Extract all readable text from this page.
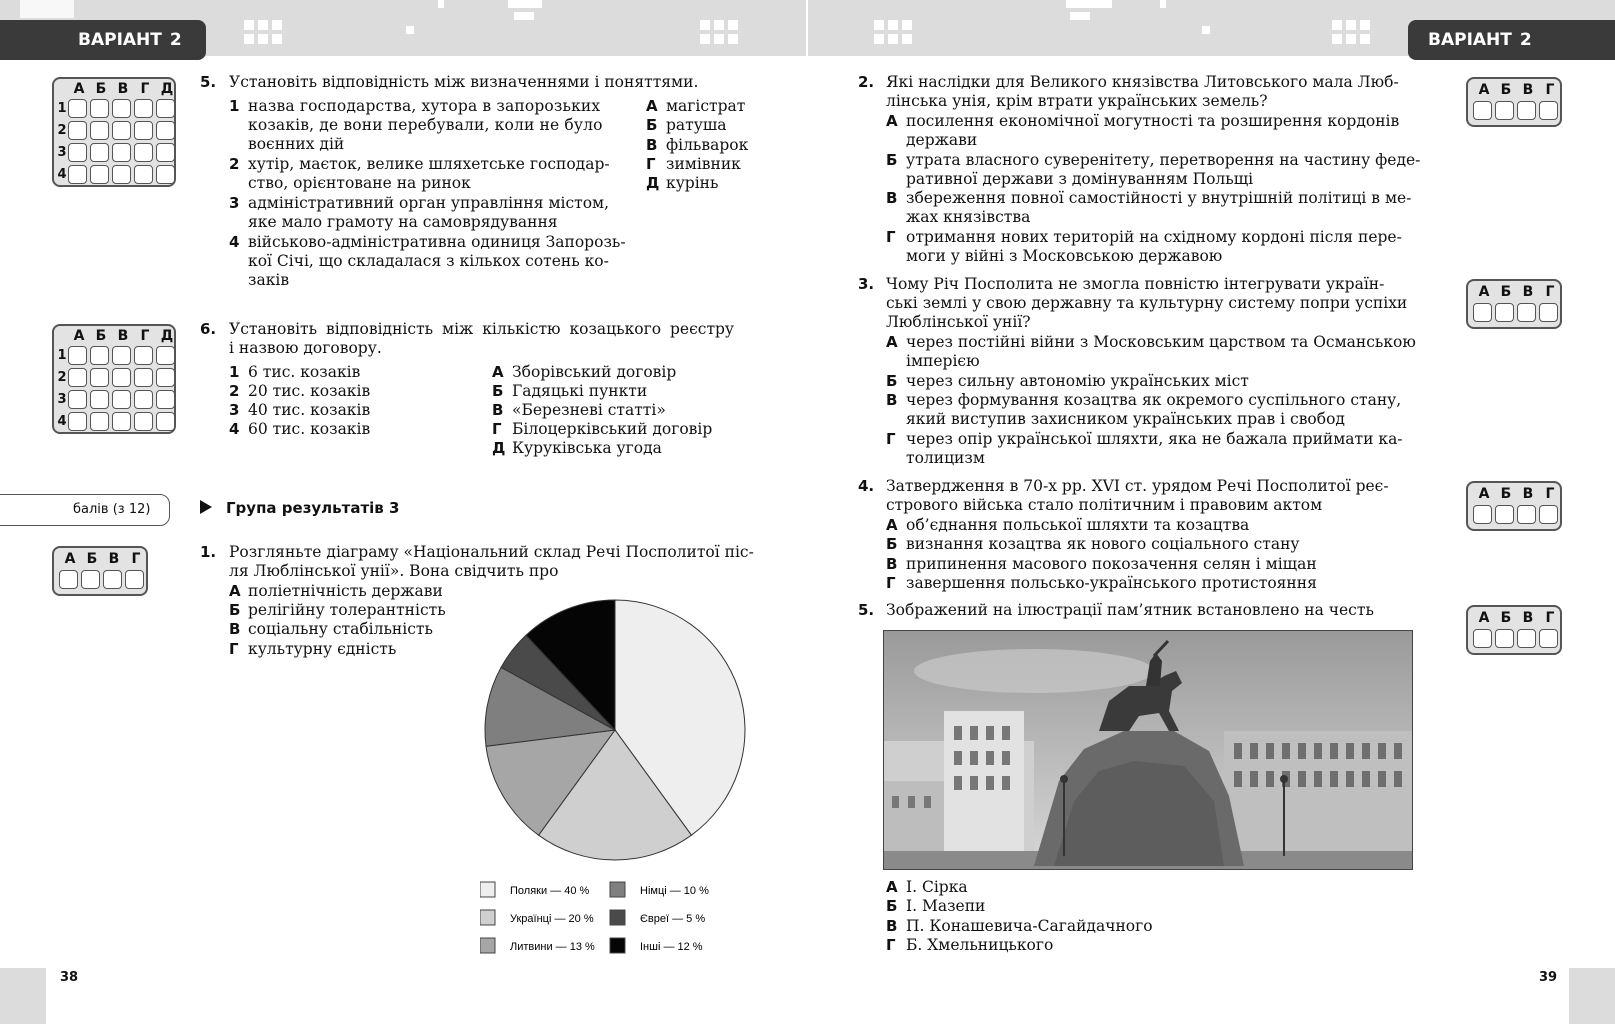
ВАРІАНТ 2	ВАРІАНТ 2
А Б В Г Д
1
2
3
4
5. Установіть відповідність між визначеннями і поняттями.
1 назва господарства, хутора в запорозьких
козаків, де вони перебували, коли не було
воєнних дій
2 хутір, маєток, велике шляхетське господар-
ство, орієнтоване на ринок
3 адміністративний орган управління містом,
яке мало грамоту на самоврядування
4 військово-адміністративна одиниця Запорозь-
кої Січі, що складалася з кількох сотень ко-
заків
А магістрат
Б ратуша
В фільварок
Г зимівник
Д курінь
А Б В Г Д
1
2
3
4
6. Установіть відповідність між кількістю козацького реєстру
і назвою договору.
1 6 тис. козаків
2 20 тис. козаків
3 40 тис. козаків
4 60 тис. козаків
А Зборівський договір
Б Гадяцькі пункти
В «Березневі статті»
Г Білоцерківський договір
Д Куруківська угода
балів (з 12)	Група результатів 3
А Б В Г	1. Розгляньте діаграму «Національний склад Речі Посполитої піс-
ля Люблінської унії». Вона свідчить про
А поліетнічність держави
Б релігійну толерантність
В соціальну стабільність
Г культурну єдність
Поляки — 40 %
Українці — 20 %
Литвини — 13 %
Німці — 10 %
Євреї — 5 %
Інші — 12 %
38
2. Які наслідки для Великого князівства Литовського мала Люб-
лінська унія, крім втрати українських земель?
А посилення економічної могутності та розширення кордонів
держави
Б утрата власного суверенітету, перетворення на частину феде-
ративної держави з домінуванням Польщі
В збереження повної самостійності у внутрішній політиці в ме-
жах князівства
Г отримання нових територій на східному кордоні після пере-
моги у війні з Московською державою
А Б В Г
3. Чому Річ Посполита не змогла повністю інтегрувати україн-
ські землі у свою державну та культурну систему попри успіхи
Люблінської унії?
А через постійні війни з Московським царством та Османською
імперією
Б через сильну автономію українських міст
В через формування козацтва як окремого суспільного стану,
який виступив захисником українських прав і свобод
Г через опір української шляхти, яка не бажала приймати ка-
толицизм
А Б В Г
4. Затвердження в 70-х рр. XVI ст. урядом Речі Посполитої реє-
стрового війська стало політичним і правовим актом
А об’єднання польської шляхти та козацтва
Б визнання козацтва як нового соціального стану
В припинення масового покозачення селян і міщан
Г завершення польсько-українського протистояння
А Б В Г
5. Зображений на ілюстрації пам’ятник встановлено на честь	А Б В Г
А І. Сірка
Б І. Мазепи
В П. Конашевича-Сагайдачного
Г Б. Хмельницького
39
